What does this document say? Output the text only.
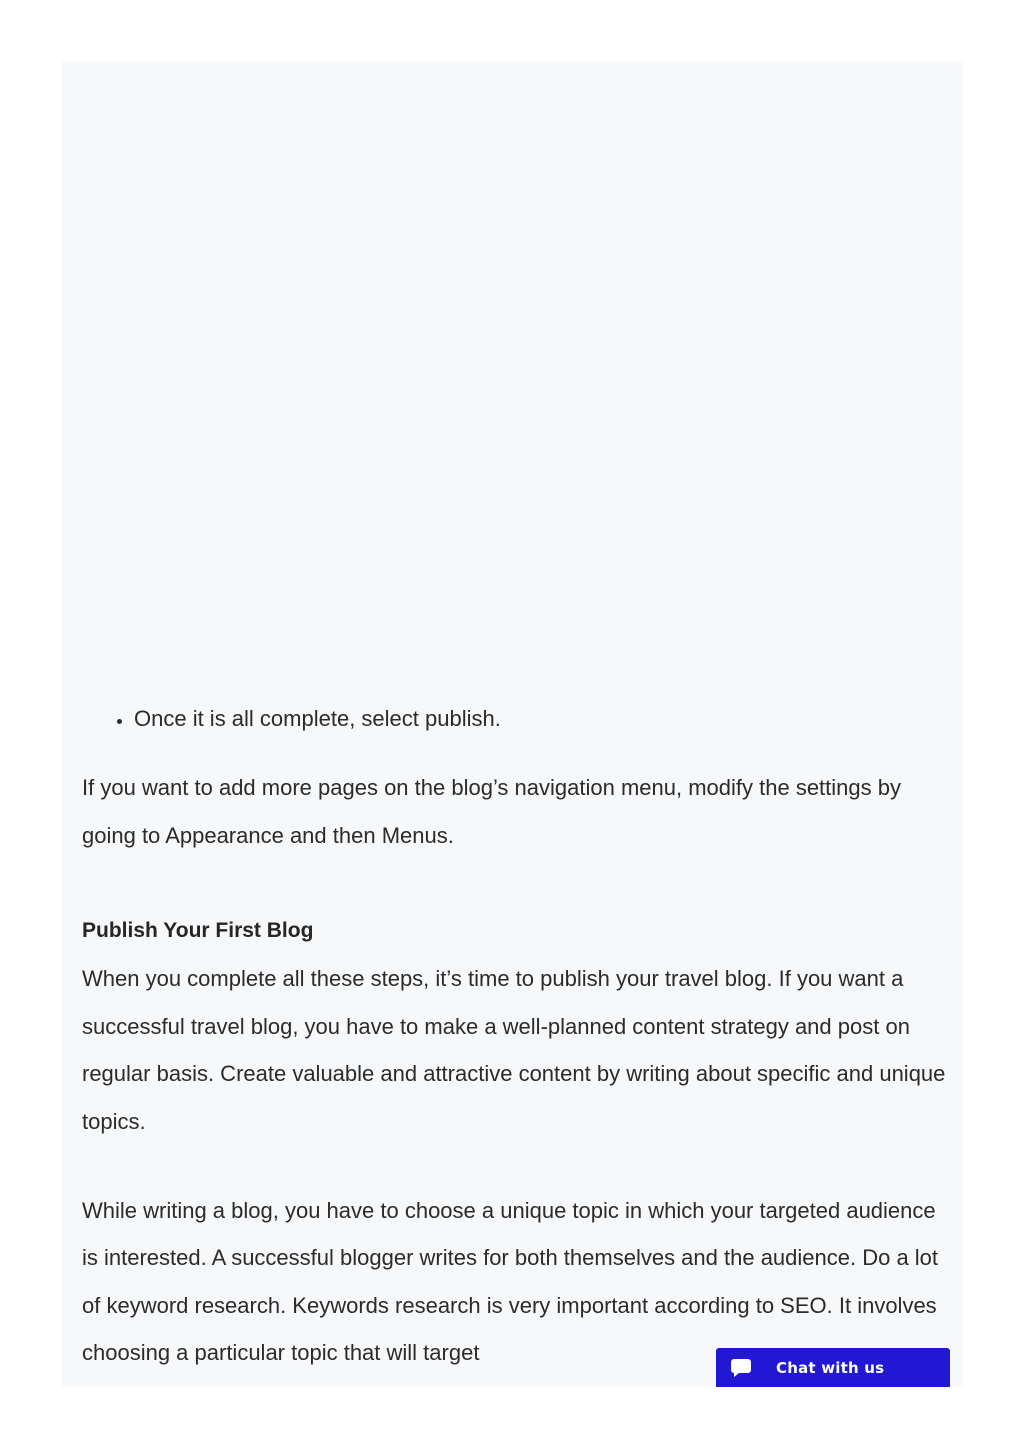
• Once it is all complete, select publish.

If you want to add more pages on the blog’s navigation menu, modify the settings by going to Appearance and then Menus.

Publish Your First Blog

When you complete all these steps, it’s time to publish your travel blog. If you want a successful travel blog, you have to make a well-planned content strategy and post on regular basis. Create valuable and attractive content by writing about specific and unique topics.

While writing a blog, you have to choose a unique topic in which your targeted audience is interested. A successful blogger writes for both themselves and the audience. Do a lot of keyword research. Keywords research is very important according to SEO. It involves choosing a particular topic that will target

Chat with us
